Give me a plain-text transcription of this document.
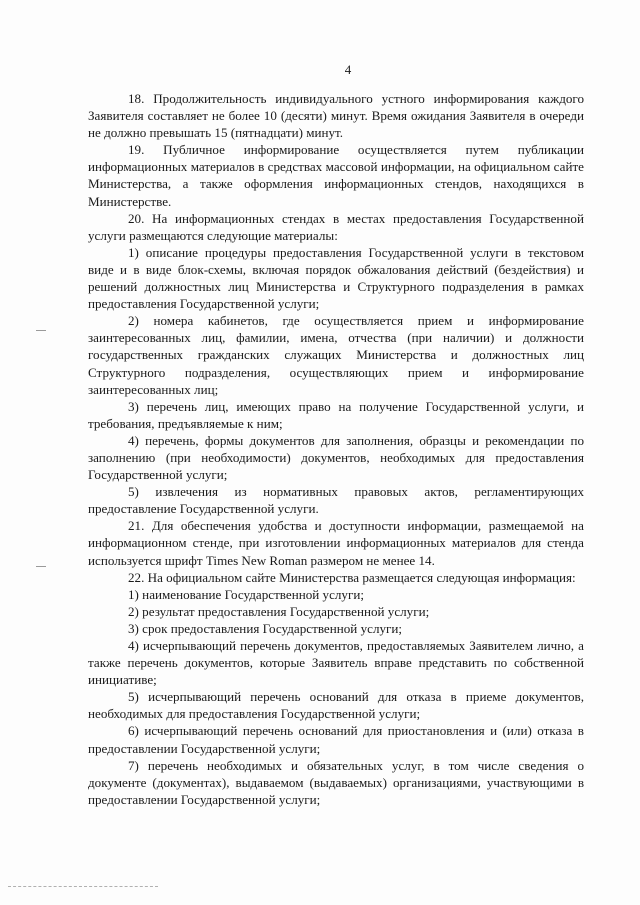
4

18. Продолжительность индивидуального устного информирования каждого Заявителя составляет не более 10 (десяти) минут. Время ожидания Заявителя в очереди не должно превышать 15 (пятнадцати) минут.

19. Публичное информирование осуществляется путем публикации информационных материалов в средствах массовой информации, на официальном сайте Министерства, а также оформления информационных стендов, находящихся в Министерстве.

20. На информационных стендах в местах предоставления Государственной услуги размещаются следующие материалы:

1) описание процедуры предоставления Государственной услуги в текстовом виде и в виде блок-схемы, включая порядок обжалования действий (бездействия) и решений должностных лиц Министерства и Структурного подразделения в рамках предоставления Государственной услуги;

2) номера кабинетов, где осуществляется прием и информирование заинтересованных лиц, фамилии, имена, отчества (при наличии) и должности государственных гражданских служащих Министерства и должностных лиц Структурного подразделения, осуществляющих прием и информирование заинтересованных лиц;

3) перечень лиц, имеющих право на получение Государственной услуги, и требования, предъявляемые к ним;

4) перечень, формы документов для заполнения, образцы и рекомендации по заполнению (при необходимости) документов, необходимых для предоставления Государственной услуги;

5) извлечения из нормативных правовых актов, регламентирующих предоставление Государственной услуги.

21. Для обеспечения удобства и доступности информации, размещаемой на информационном стенде, при изготовлении информационных материалов для стенда используется шрифт Times New Roman размером не менее 14.

22. На официальном сайте Министерства размещается следующая информация:

1) наименование Государственной услуги;

2) результат предоставления Государственной услуги;

3) срок предоставления Государственной услуги;

4) исчерпывающий перечень документов, предоставляемых Заявителем лично, а также перечень документов, которые Заявитель вправе представить по собственной инициативе;

5) исчерпывающий перечень оснований для отказа в приеме документов, необходимых для предоставления Государственной услуги;

6) исчерпывающий перечень оснований для приостановления и (или) отказа в предоставлении Государственной услуги;

7) перечень необходимых и обязательных услуг, в том числе сведения о документе (документах), выдаваемом (выдаваемых) организациями, участвующими в предоставлении Государственной услуги;
